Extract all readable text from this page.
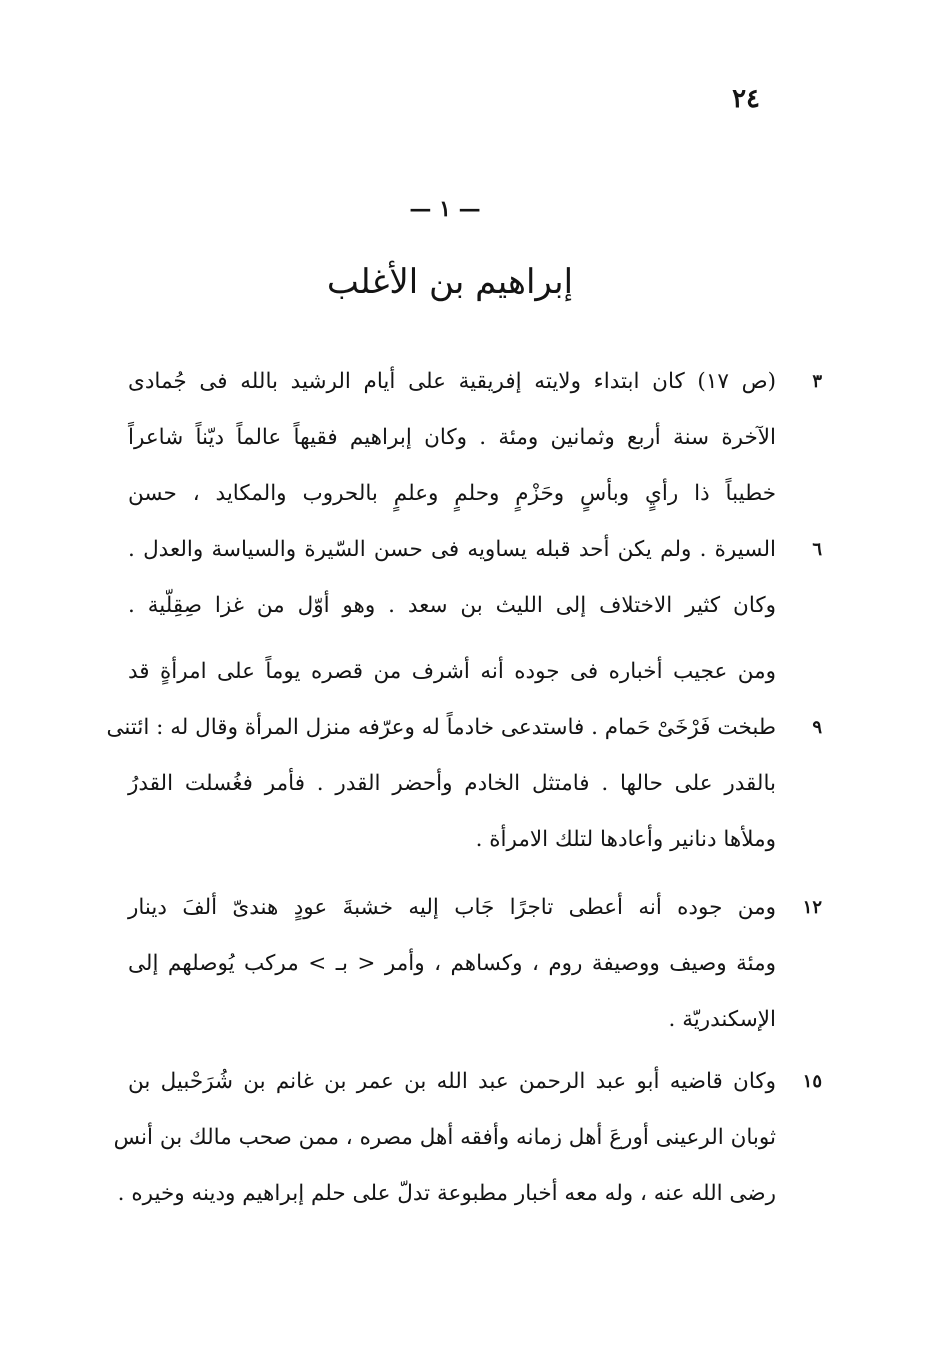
٢٤
— ١ —
إبراهيم بن الأغلب
٣
(ص ١٧) كان ابتداء ولايته إفريقية على أيام الرشيد بالله فى جُمادى
الآخرة سنة أربع وثمانين ومئة . وكان إبراهيم فقيهاً عالماً ديّناً شاعراً
خطيباً ذا رأيٍ وبأسٍ وحَزْمٍ وحلمٍ وعلمٍ بالحروب والمكايد ، حسن
٦
السيرة . ولم يكن أحد قبله يساويه فى حسن السّيرة والسياسة والعدل .
وكان كثير الاختلاف إلى الليث بن سعد . وهو أوّل من غزا صِقِلّية .
ومن عجيب أخباره فى جوده أنه أشرف من قصره يوماً على امرأةٍ قد
٩
طبخت فَرْخَىْ حَمام . فاستدعى خادماً له وعرّفه منزل المرأة وقال له : ائتنى
بالقدر على حالها . فامتثل الخادم وأحضر القدر . فأمر فغُسلت القدرُ
وملأها دنانير وأعادها لتلك الامرأة .
١٢
ومن جوده أنه أعطى تاجرًا جَاب إليه خشبةَ عودٍ هندىّ ألفَ دينار
ومئة وصيف ووصيفة روم ، وكساهم ، وأمر < بـ > مركب يُوصلهم إلى
الإسكندريّة .
١٥
وكان قاضيه أبو عبد الرحمن عبد الله بن عمر بن غانم بن شُرَحْبيل بن
ثوبان الرعينى أورعَ أهل زمانه وأفقه أهل مصره ، ممن صحب مالك بن أنس
رضى الله عنه ، وله معه أخبار مطبوعة تدلّ على حلم إبراهيم ودينه وخيره .
